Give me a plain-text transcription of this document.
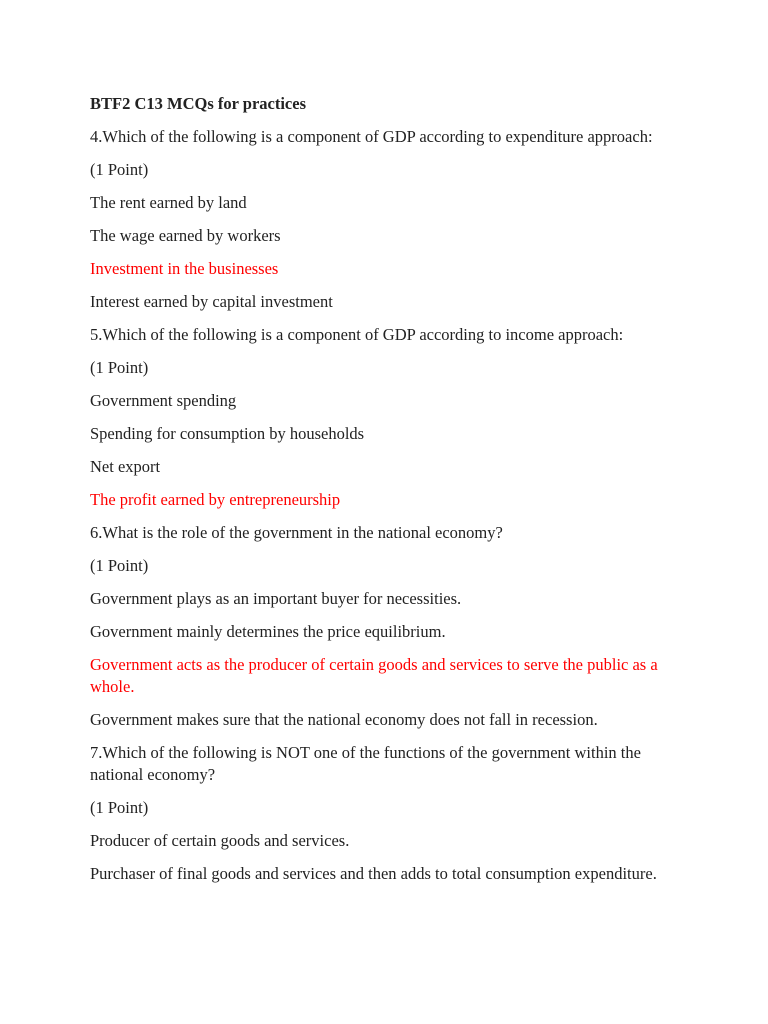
BTF2 C13 MCQs for practices
4.Which of the following is a component of GDP according to expenditure approach:
(1 Point)
The rent earned by land
The wage earned by workers
Investment in the businesses
Interest earned by capital investment
5.Which of the following is a component of GDP according to income approach:
(1 Point)
Government spending
Spending for consumption by households
Net export
The profit earned by entrepreneurship
6.What is the role of the government in the national economy?
(1 Point)
Government plays as an important buyer for necessities.
Government mainly determines the price equilibrium.
Government acts as the producer of certain goods and services to serve the public as a whole.
Government makes sure that the national economy does not fall in recession.
7.Which of the following is NOT one of the functions of the government within the national economy?
(1 Point)
Producer of certain goods and services.
Purchaser of final goods and services and then adds to total consumption expenditure.
